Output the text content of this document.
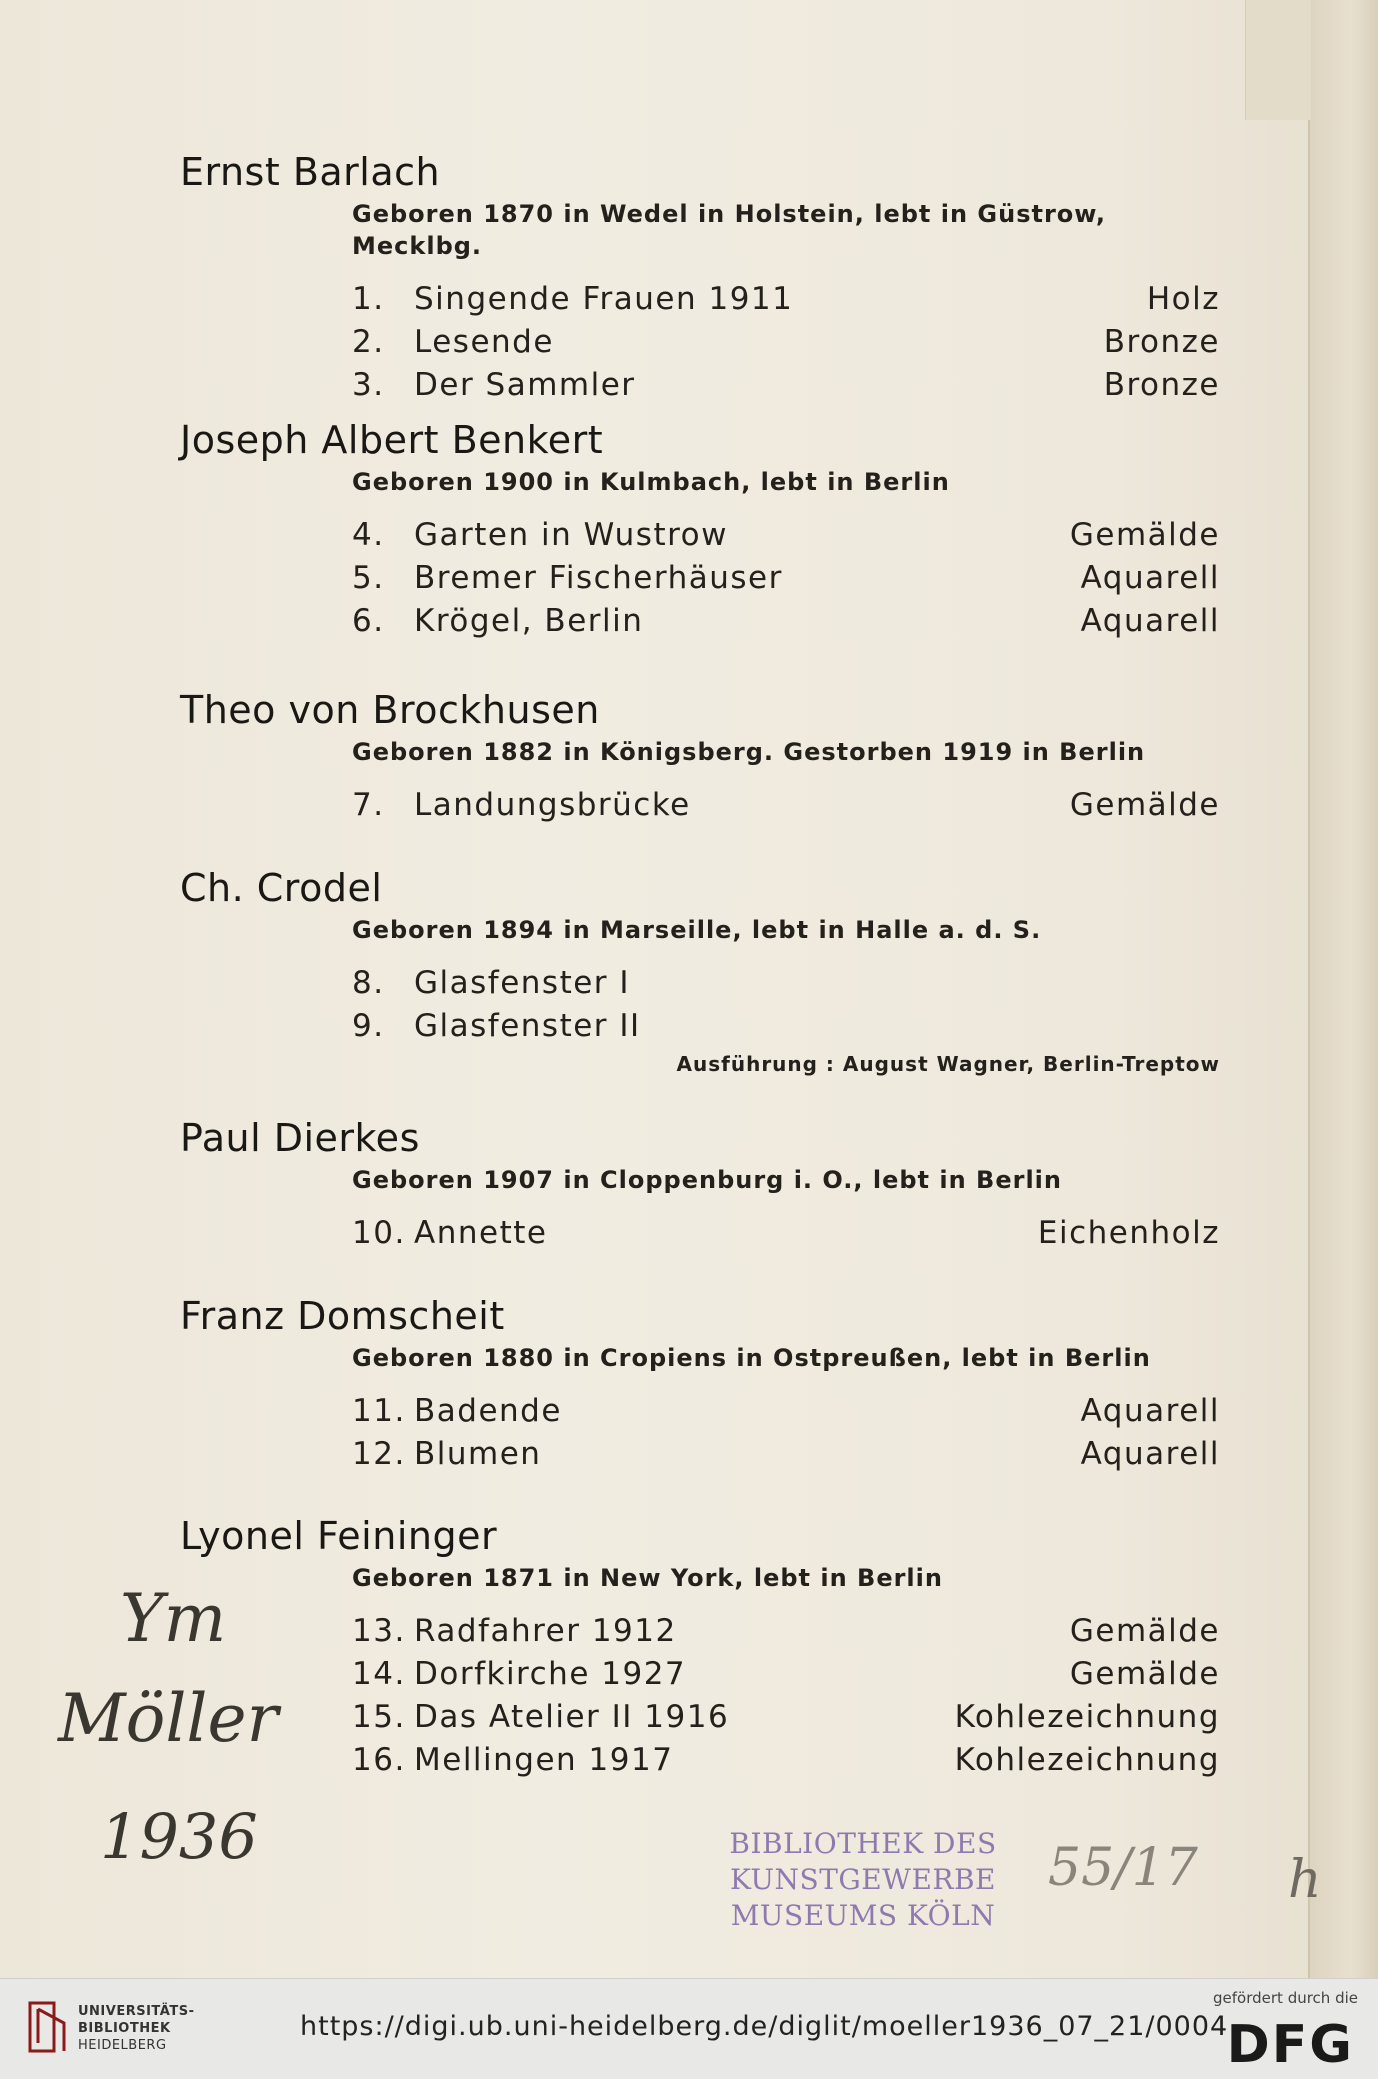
Ernst Barlach
Geboren 1870 in Wedel in Holstein, lebt in Güstrow, Mecklbg.
1. Singende Frauen 1911	Holz
2. Lesende	Bronze
3. Der Sammler	Bronze
Joseph Albert Benkert
Geboren 1900 in Kulmbach, lebt in Berlin
4. Garten in Wustrow	Gemälde
5. Bremer Fischerhäuser	Aquarell
6. Krögel, Berlin	Aquarell
Theo von Brockhusen
Geboren 1882 in Königsberg. Gestorben 1919 in Berlin
7. Landungsbrücke	Gemälde
Ch. Crodel
Geboren 1894 in Marseille, lebt in Halle a. d. S.
8. Glasfenster I
9. Glasfenster II
Ausführung : August Wagner, Berlin-Treptow
Paul Dierkes
Geboren 1907 in Cloppenburg i. O., lebt in Berlin
10. Annette	Eichenholz
Franz Domscheit
Geboren 1880 in Cropiens in Ostpreußen, lebt in Berlin
11. Badende	Aquarell
12. Blumen	Aquarell
Lyonel Feininger
Geboren 1871 in New York, lebt in Berlin
13. Radfahrer 1912	Gemälde
14. Dorfkirche 1927	Gemälde
15. Das Atelier II 1916	Kohlezeichnung
16. Mellingen 1917	Kohlezeichnung
Ym
Möller
1936	55/17 h
BIBLIOTHEK DES
KUNSTGEWERBE
MUSEUMS KÖLN
UNIVERSITÄTS-
BIBLIOTHEK
HEIDELBERG
https://digi.ub.uni-heidelberg.de/diglit/moeller1936_07_21/0004
gefördert durch die
DFG
